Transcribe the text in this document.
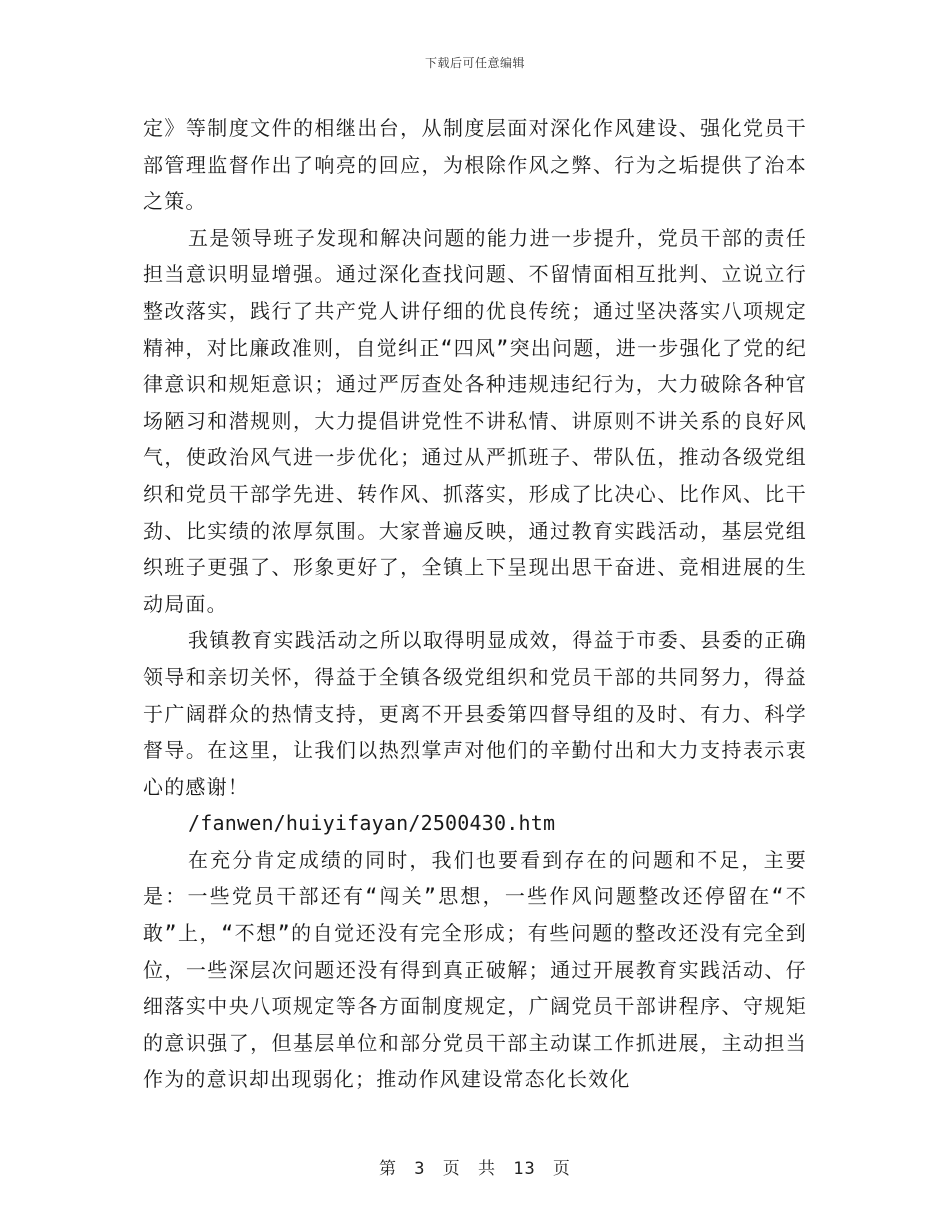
下载后可任意编辑

定》等制度文件的相继出台，从制度层面对深化作风建设、强化党员干部管理监督作出了响亮的回应，为根除作风之弊、行为之垢提供了治本之策。

五是领导班子发现和解决问题的能力进一步提升，党员干部的责任担当意识明显增强。通过深化查找问题、不留情面相互批判、立说立行整改落实，践行了共产党人讲仔细的优良传统；通过坚决落实八项规定精神，对比廉政准则，自觉纠正“四风”突出问题，进一步强化了党的纪律意识和规矩意识；通过严厉查处各种违规违纪行为，大力破除各种官场陋习和潜规则，大力提倡讲党性不讲私情、讲原则不讲关系的良好风气，使政治风气进一步优化；通过从严抓班子、带队伍，推动各级党组织和党员干部学先进、转作风、抓落实，形成了比决心、比作风、比干劲、比实绩的浓厚氛围。大家普遍反映，通过教育实践活动，基层党组织班子更强了、形象更好了，全镇上下呈现出思干奋进、竞相进展的生动局面。

我镇教育实践活动之所以取得明显成效，得益于市委、县委的正确领导和亲切关怀，得益于全镇各级党组织和党员干部的共同努力，得益于广阔群众的热情支持，更离不开县委第四督导组的及时、有力、科学督导。在这里，让我们以热烈掌声对他们的辛勤付出和大力支持表示衷心的感谢！

/fanwen/huiyifayan/2500430.htm

在充分肯定成绩的同时，我们也要看到存在的问题和不足，主要是：一些党员干部还有“闯关”思想，一些作风问题整改还停留在“不敢”上，“不想”的自觉还没有完全形成；有些问题的整改还没有完全到位，一些深层次问题还没有得到真正破解；通过开展教育实践活动、仔细落实中央八项规定等各方面制度规定，广阔党员干部讲程序、守规矩的意识强了，但基层单位和部分党员干部主动谋工作抓进展，主动担当作为的意识却出现弱化；推动作风建设常态化长效化

第 3 页 共 13 页
